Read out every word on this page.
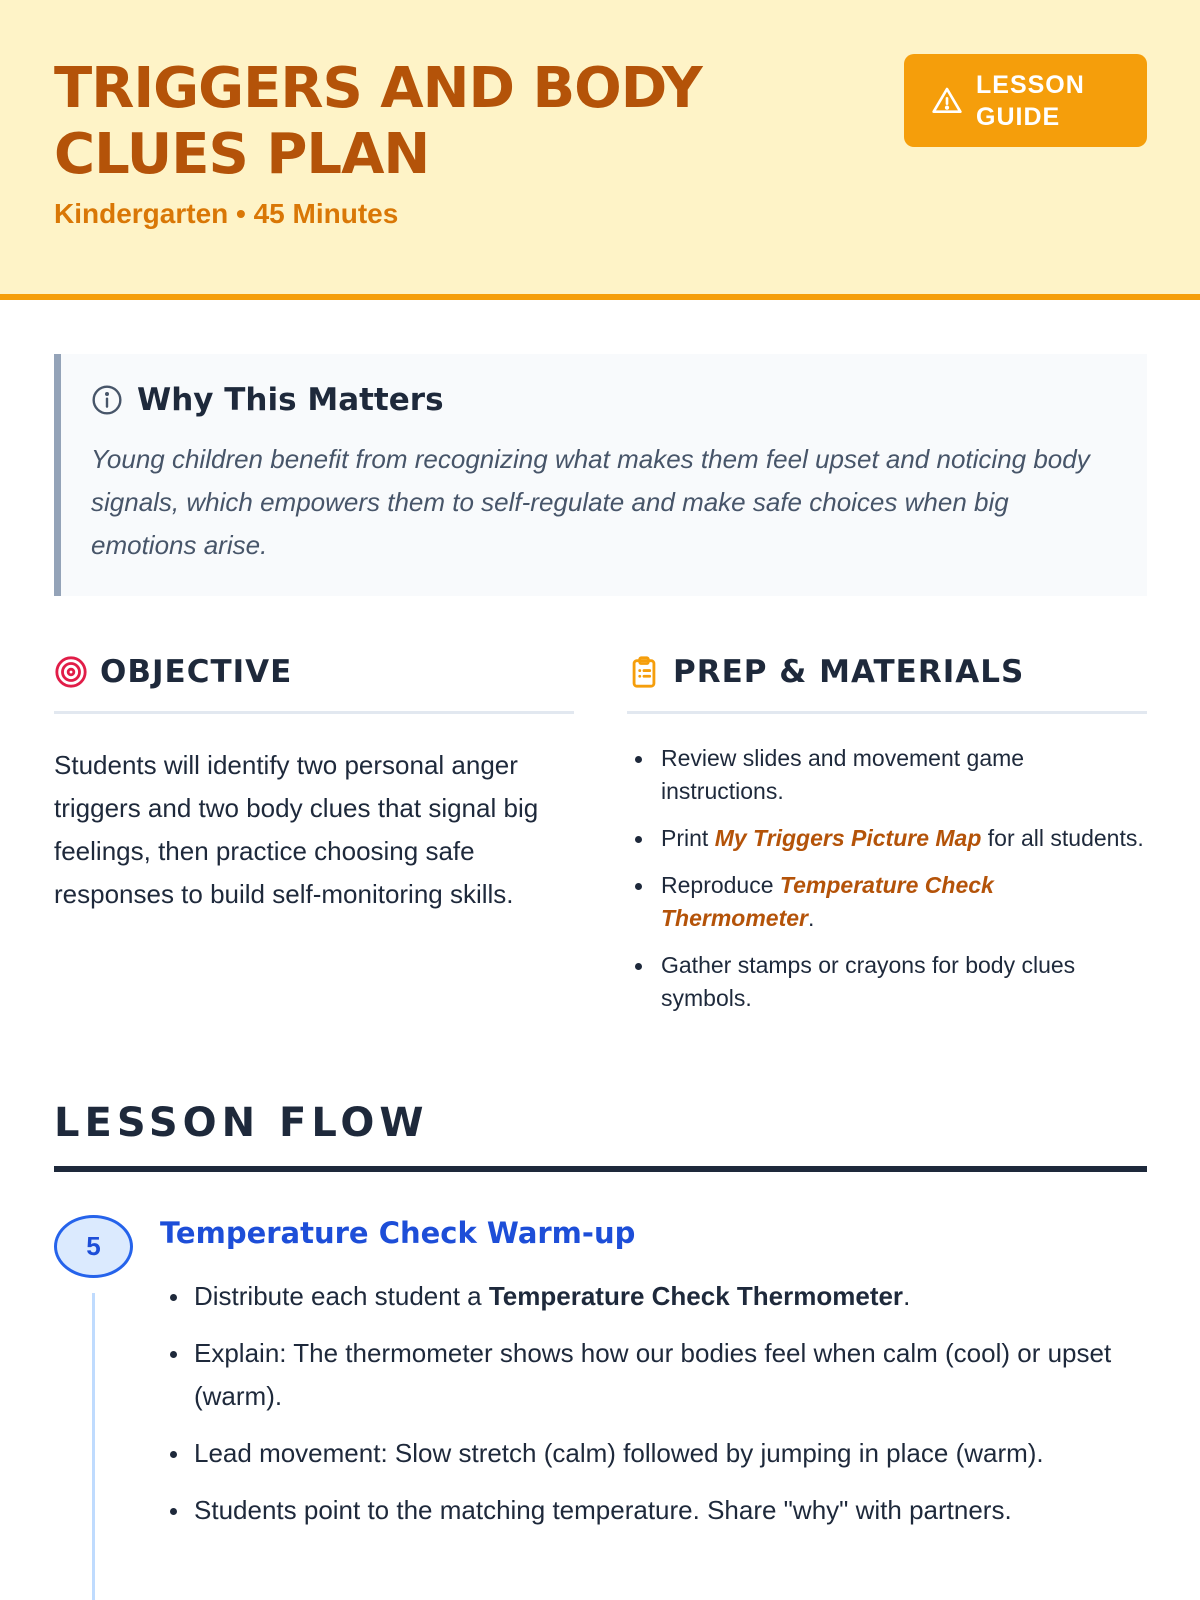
TRIGGERS AND BODY CLUES PLAN
Kindergarten • 45 Minutes
LESSON
GUIDE
Why This Matters

Young children benefit from recognizing what makes them feel upset and noticing body signals, which empowers them to self-regulate and make safe choices when big emotions arise.

OBJECTIVE

Students will identify two personal anger triggers and two body clues that signal big feelings, then practice choosing safe responses to build self-monitoring skills.

PREP & MATERIALS
Review slides and movement game instructions.
Print My Triggers Picture Map for all students.
Reproduce Temperature Check Thermometer.
Gather stamps or crayons for body clues symbols.
LESSON FLOW
5	Temperature Check Warm-up
Distribute each student a Temperature Check Thermometer.
Explain: The thermometer shows how our bodies feel when calm (cool) or upset (warm).
Lead movement: Slow stretch (calm) followed by jumping in place (warm).
Students point to the matching temperature. Share "why" with partners.
